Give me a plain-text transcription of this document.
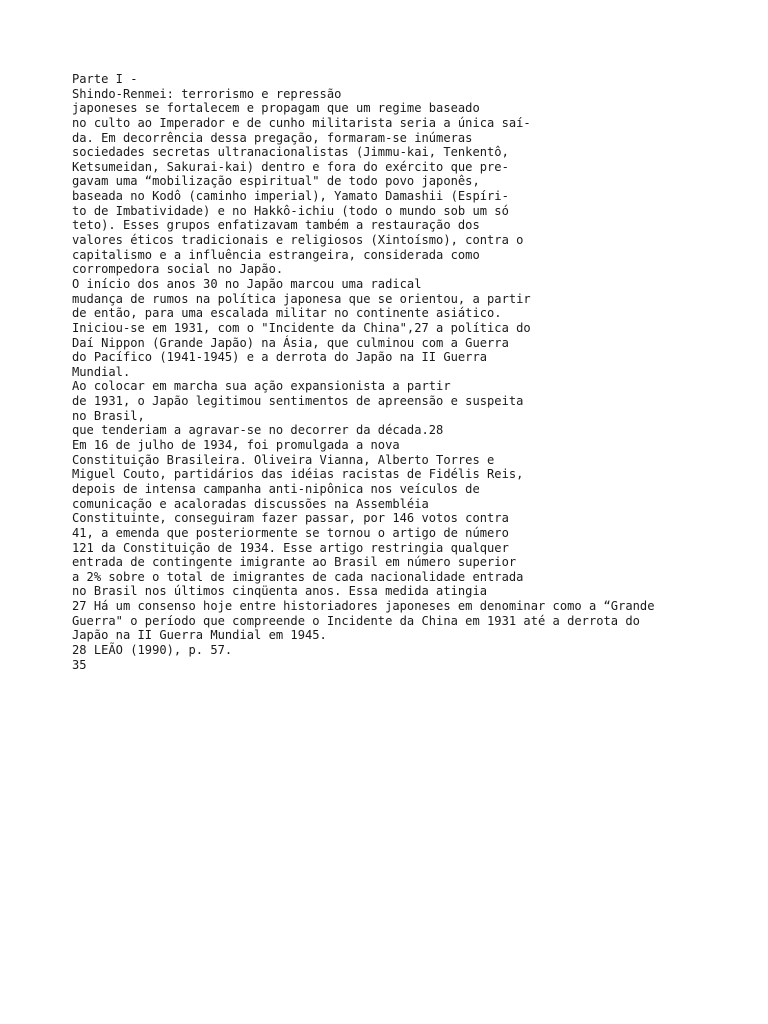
Parte I -
Shindo-Renmei: terrorismo e repressão
japoneses se fortalecem e propagam que um regime baseado
no culto ao Imperador e de cunho militarista seria a única saí-
da. Em decorrência dessa pregação, formaram-se inúmeras
sociedades secretas ultranacionalistas (Jimmu-kai, Tenkentô,
Ketsumeidan, Sakurai-kai) dentro e fora do exército que pre-
gavam uma “mobilização espiritual" de todo povo japonês,
baseada no Kodô (caminho imperial), Yamato Damashii (Espíri-
to de Imbatividade) e no Hakkô-ichiu (todo o mundo sob um só
teto). Esses grupos enfatizavam também a restauração dos
valores éticos tradicionais e religiosos (Xintoísmo), contra o
capitalismo e a influência estrangeira, considerada como
corrompedora social no Japão.
O início dos anos 30 no Japão marcou uma radical
mudança de rumos na política japonesa que se orientou, a partir
de então, para uma escalada militar no continente asiático.
Iniciou-se em 1931, com o "Incidente da China",27 a política do
Daí Nippon (Grande Japão) na Ásia, que culminou com a Guerra
do Pacífico (1941-1945) e a derrota do Japão na II Guerra
Mundial.
Ao colocar em marcha sua ação expansionista a partir
de 1931, o Japão legitimou sentimentos de apreensão e suspeita
no Brasil,
que tenderiam a agravar-se no decorrer da década.28
Em 16 de julho de 1934, foi promulgada a nova
Constituição Brasileira. Oliveira Vianna, Alberto Torres e
Miguel Couto, partidários das idéias racistas de Fidélis Reis,
depois de intensa campanha anti-nipônica nos veículos de
comunicação e acaloradas discussões na Assembléia
Constituinte, conseguiram fazer passar, por 146 votos contra
41, a emenda que posteriormente se tornou o artigo de número
121 da Constituição de 1934. Esse artigo restringia qualquer
entrada de contingente imigrante ao Brasil em número superior
a 2% sobre o total de imigrantes de cada nacionalidade entrada
no Brasil nos últimos cinqüenta anos. Essa medida atingia
27 Há um consenso hoje entre historiadores japoneses em denominar como a “Grande
Guerra" o período que compreende o Incidente da China em 1931 até a derrota do
Japão na II Guerra Mundial em 1945.
28 LEÃO (1990), p. 57.
35
